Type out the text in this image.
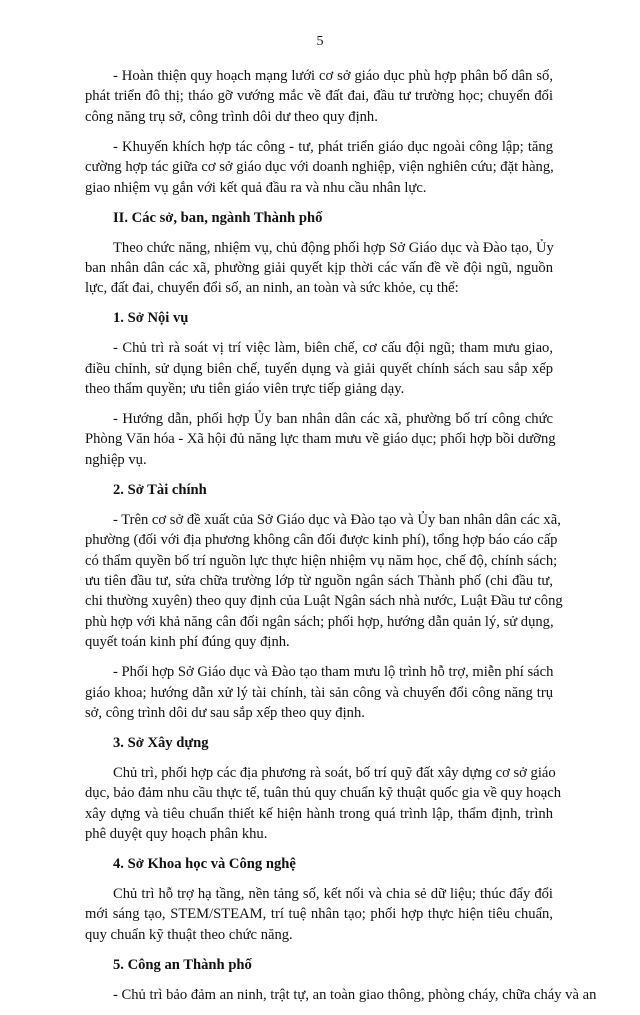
5
- Hoàn thiện quy hoạch mạng lưới cơ sở giáo dục phù hợp phân bố dân số,
phát triển đô thị; tháo gỡ vướng mắc về đất đai, đầu tư trường học; chuyển đổi
công năng trụ sở, công trình dôi dư theo quy định.
- Khuyến khích hợp tác công - tư, phát triển giáo dục ngoài công lập; tăng
cường hợp tác giữa cơ sở giáo dục với doanh nghiệp, viện nghiên cứu; đặt hàng,
giao nhiệm vụ gắn với kết quả đầu ra và nhu cầu nhân lực.
II. Các sở, ban, ngành Thành phố
Theo chức năng, nhiệm vụ, chủ động phối hợp Sở Giáo dục và Đào tạo, Ủy
ban nhân dân các xã, phường giải quyết kịp thời các vấn đề về đội ngũ, nguồn
lực, đất đai, chuyển đổi số, an ninh, an toàn và sức khỏe, cụ thể:
1. Sở Nội vụ
- Chủ trì rà soát vị trí việc làm, biên chế, cơ cấu đội ngũ; tham mưu giao,
điều chỉnh, sử dụng biên chế, tuyển dụng và giải quyết chính sách sau sắp xếp
theo thẩm quyền; ưu tiên giáo viên trực tiếp giảng dạy.
- Hướng dẫn, phối hợp Ủy ban nhân dân các xã, phường bố trí công chức
Phòng Văn hóa - Xã hội đủ năng lực tham mưu về giáo dục; phối hợp bồi dưỡng
nghiệp vụ.
2. Sở Tài chính
- Trên cơ sở đề xuất của Sở Giáo dục và Đào tạo và Ủy ban nhân dân các xã,
phường (đối với địa phương không cân đối được kinh phí), tổng hợp báo cáo cấp
có thẩm quyền bố trí nguồn lực thực hiện nhiệm vụ năm học, chế độ, chính sách;
ưu tiên đầu tư, sửa chữa trường lớp từ nguồn ngân sách Thành phố (chi đầu tư,
chi thường xuyên) theo quy định của Luật Ngân sách nhà nước, Luật Đầu tư công
phù hợp với khả năng cân đối ngân sách; phối hợp, hướng dẫn quản lý, sử dụng,
quyết toán kinh phí đúng quy định.
- Phối hợp Sở Giáo dục và Đào tạo tham mưu lộ trình hỗ trợ, miễn phí sách
giáo khoa; hướng dẫn xử lý tài chính, tài sản công và chuyển đổi công năng trụ
sở, công trình dôi dư sau sắp xếp theo quy định.
3. Sở Xây dựng
Chủ trì, phối hợp các địa phương rà soát, bố trí quỹ đất xây dựng cơ sở giáo
dục, bảo đảm nhu cầu thực tế, tuân thủ quy chuẩn kỹ thuật quốc gia về quy hoạch
xây dựng và tiêu chuẩn thiết kế hiện hành trong quá trình lập, thẩm định, trình
phê duyệt quy hoạch phân khu.
4. Sở Khoa học và Công nghệ
Chủ trì hỗ trợ hạ tầng, nền tảng số, kết nối và chia sẻ dữ liệu; thúc đẩy đổi
mới sáng tạo, STEM/STEAM, trí tuệ nhân tạo; phối hợp thực hiện tiêu chuẩn,
quy chuẩn kỹ thuật theo chức năng.
5. Công an Thành phố
- Chủ trì bảo đảm an ninh, trật tự, an toàn giao thông, phòng cháy, chữa cháy và an
